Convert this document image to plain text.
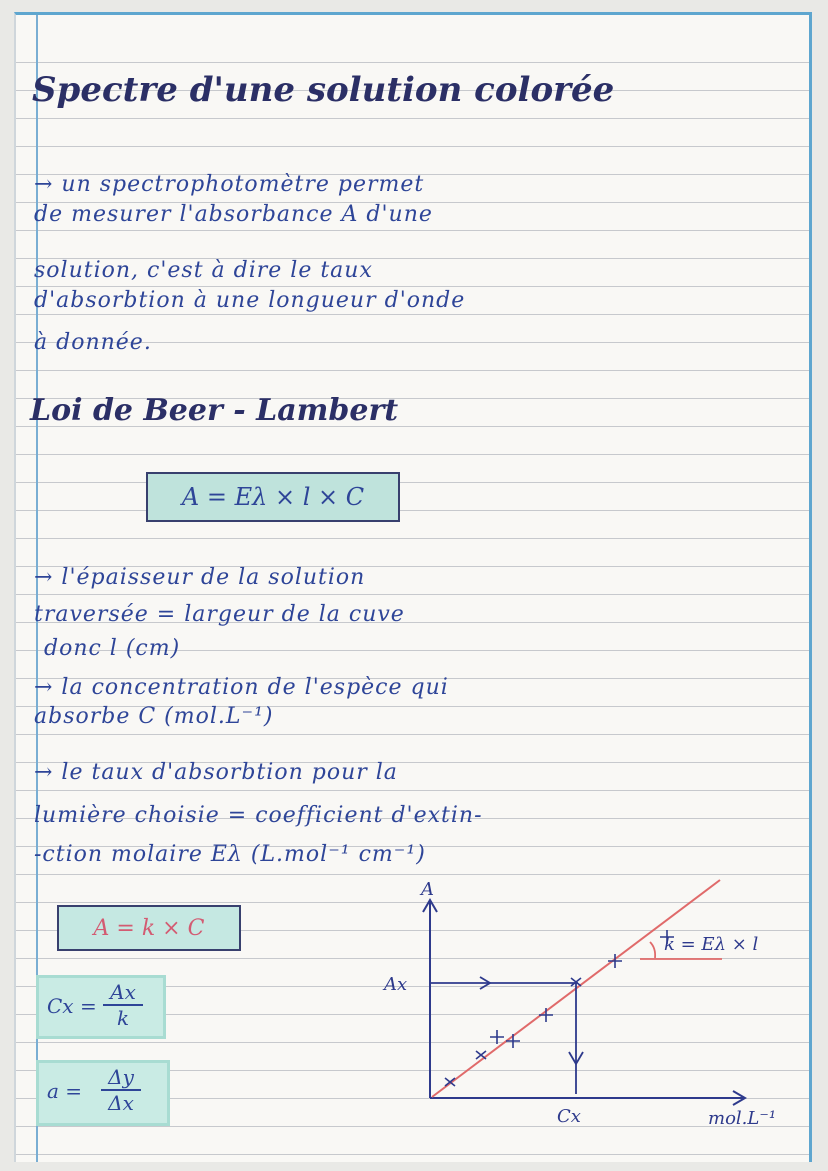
Spectre d'une solution colorée
→ un spectrophotomètre permet
de mesurer l'absorbance A d'une
solution, c'est à dire le taux
d'absorbtion à une longueur d'onde
à donnée.
Loi de Beer - Lambert
A = Eλ × l × C
→ l'épaisseur de la solution
traversée = largeur de la cuve
donc l (cm)
→ la concentration de l'espèce qui
absorbe C (mol.L⁻¹)
→ le taux d'absorbtion pour la
lumière choisie = coefficient d'extin-
-ction molaire Eλ (L.mol⁻¹ cm⁻¹)
A = k × C
Cx =
Ax
k
a =
Δy
Δx
A
Ax
Cx	mol.L⁻¹
k = Eλ × l
